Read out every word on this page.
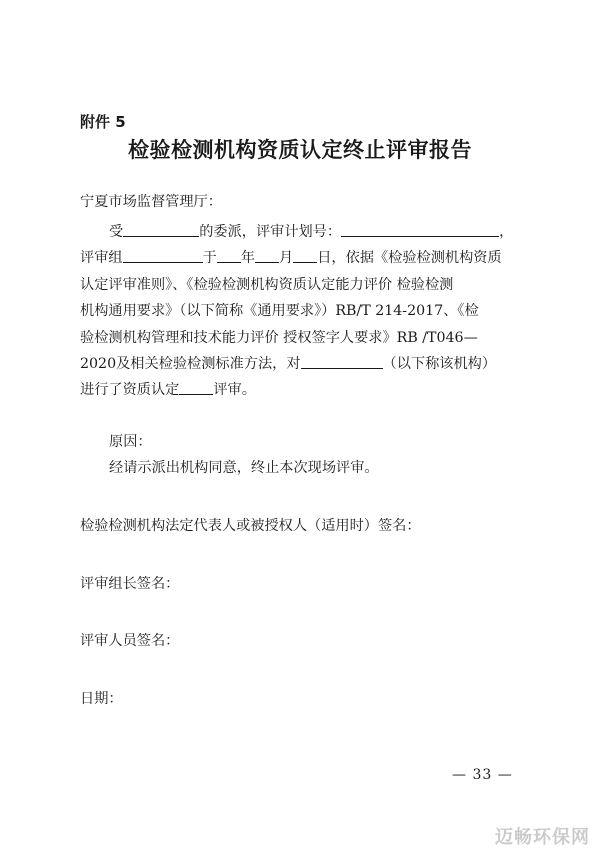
附件 5
检验检测机构资质认定终止评审报告
宁夏市场监督管理厅：
受	的委派，评审计划号：	，
评审组	于 年 月 日，依据《检验检测机构资质
认定评审准则》、《检验检测机构资质认定能力评价 检验检测
机构通用要求》（以下简称《通用要求》）RB/T 214-2017、《检
验检测机构管理和技术能力评价 授权签字人要求》RB /T046—
2020及相关检验检测标准方法，对	（以下称该机构）
进行了资质认定 评审。
原因：
经请示派出机构同意，终止本次现场评审。
检验检测机构法定代表人或被授权人（适用时）签名：
评审组长签名：
评审人员签名：
日期：
— 33 —
迈畅环保网
